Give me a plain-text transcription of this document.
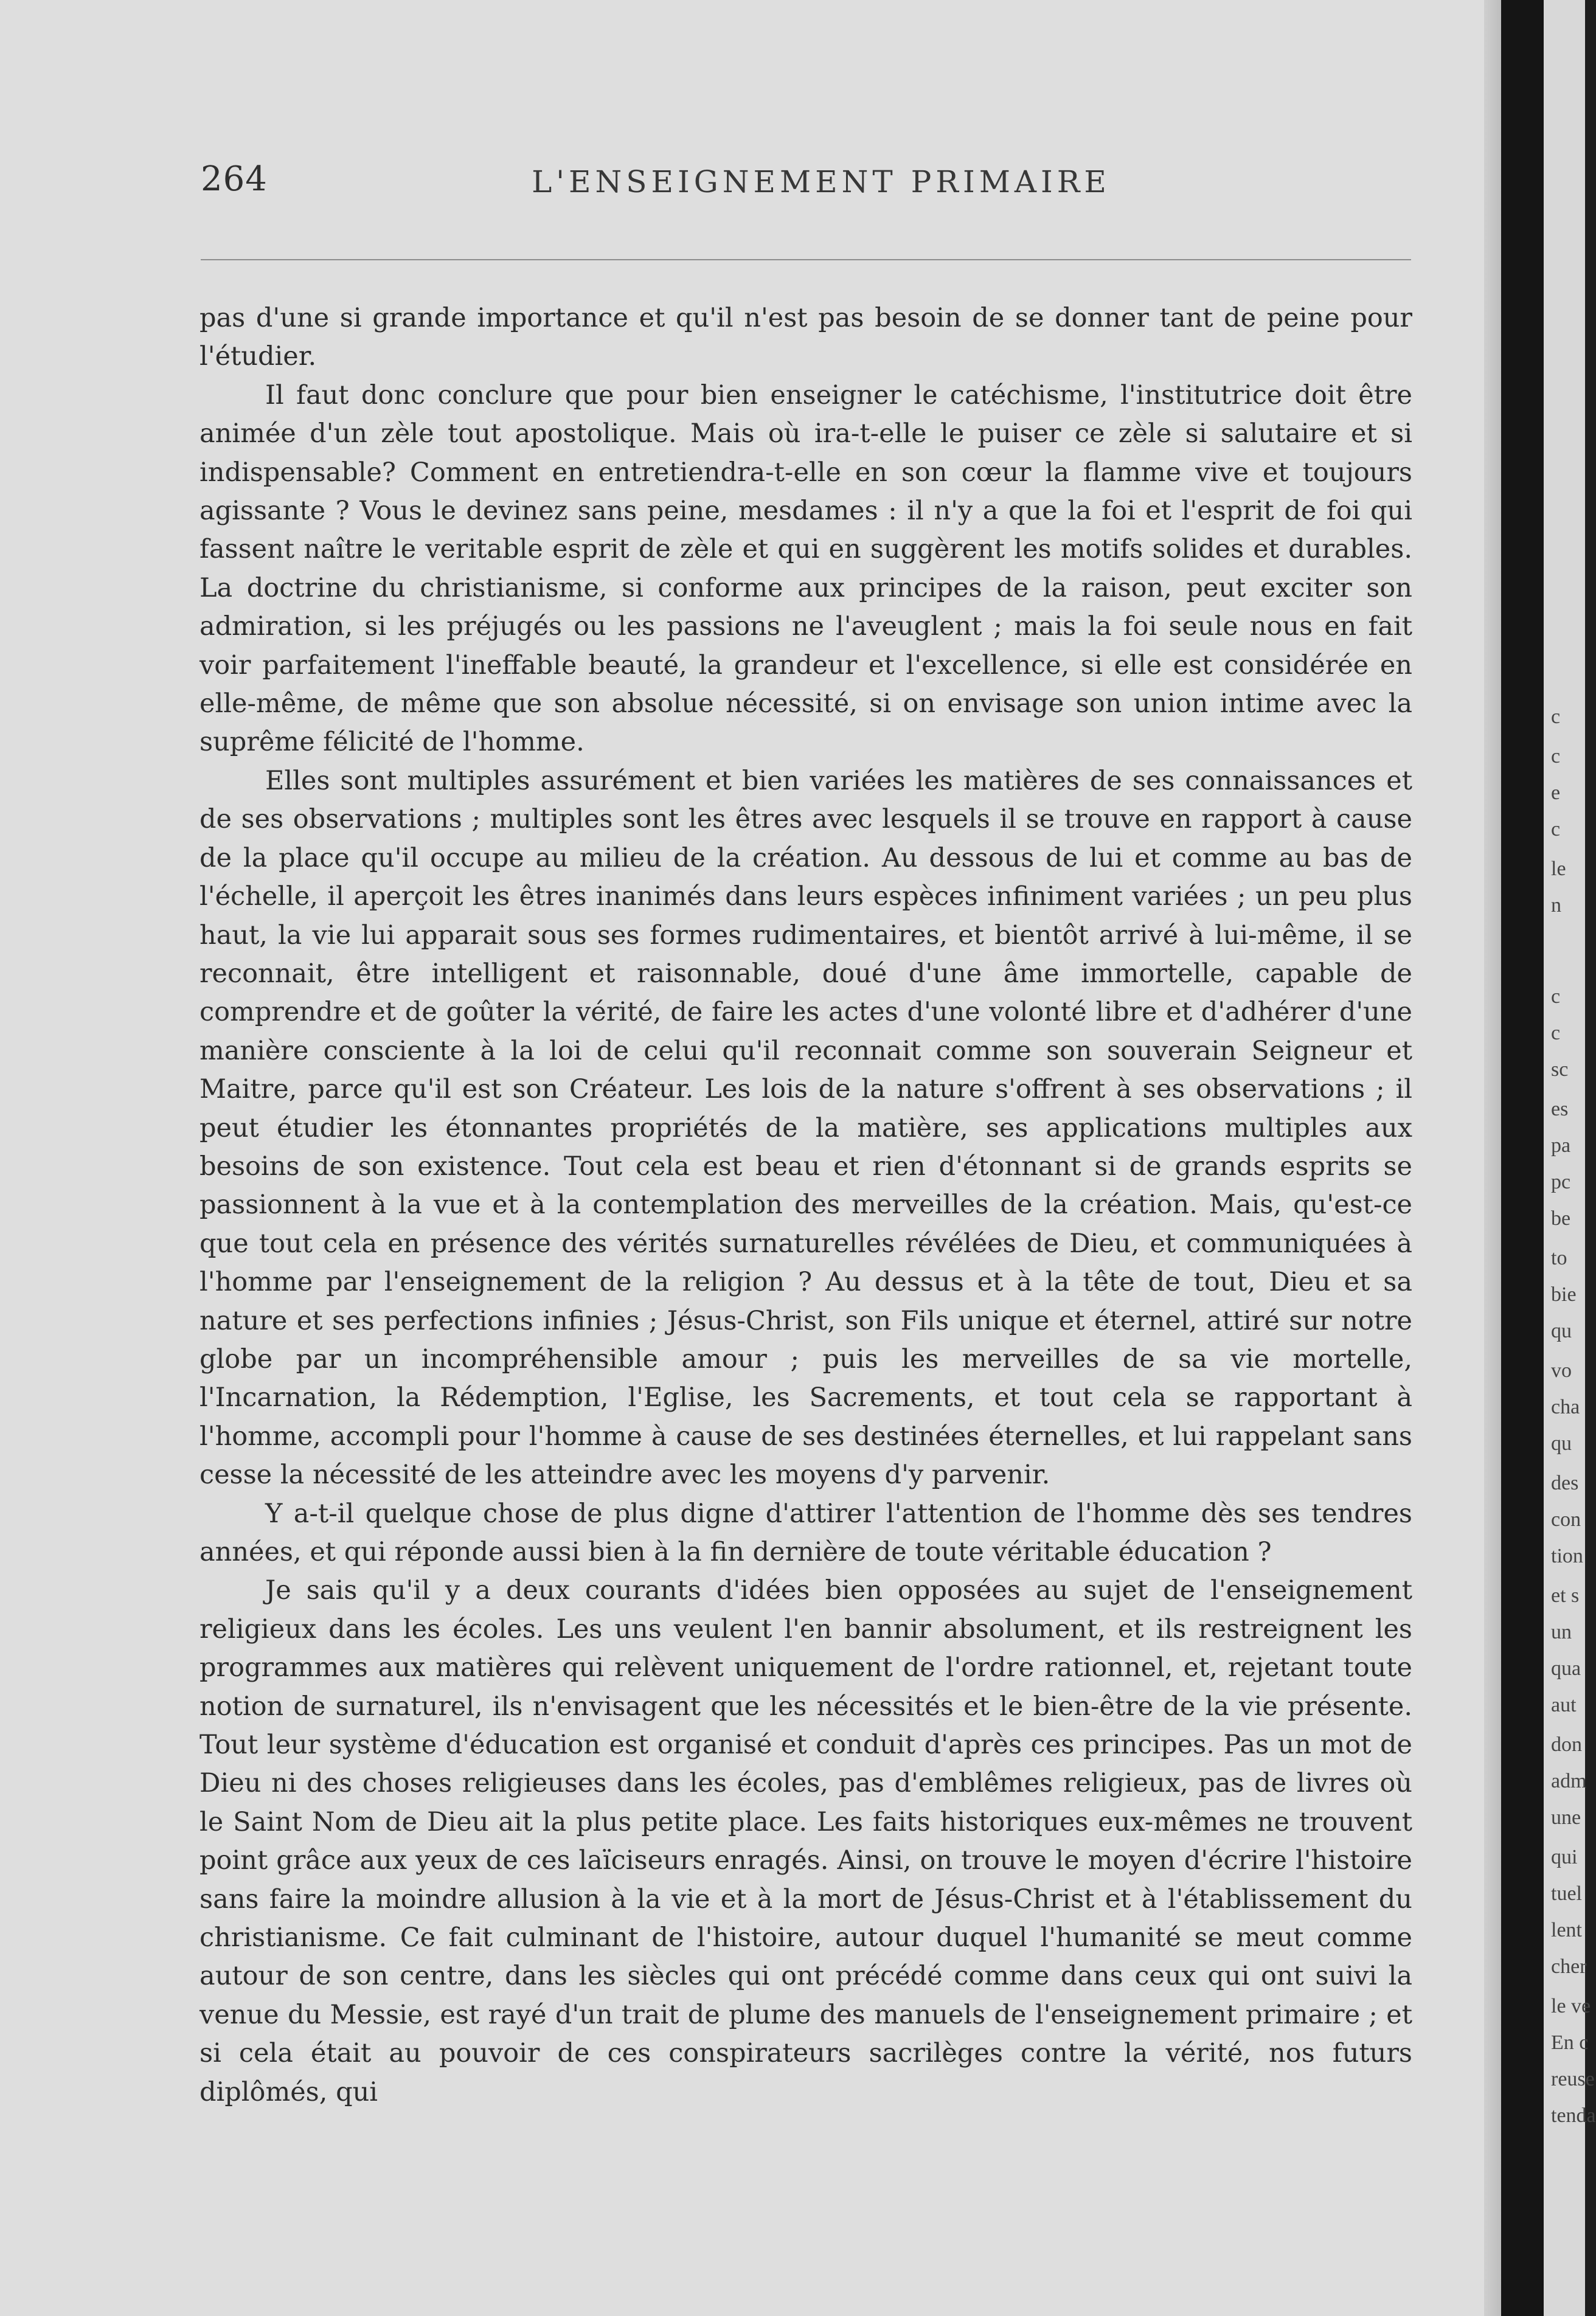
264	L'ENSEIGNEMENT PRIMAIRE

pas d'une si grande importance et qu'il n'est pas besoin de se donner tant de peine pour l'étudier.

Il faut donc conclure que pour bien enseigner le catéchisme, l'institutrice doit être animée d'un zèle tout apostolique. Mais où ira-t-elle le puiser ce zèle si salutaire et si indispensable? Comment en entretiendra-t-elle en son cœur la flamme vive et toujours agissante ? Vous le devinez sans peine, mesdames : il n'y a que la foi et l'esprit de foi qui fassent naître le veritable esprit de zèle et qui en suggèrent les motifs solides et durables. La doctrine du christianisme, si conforme aux principes de la raison, peut exciter son admiration, si les préjugés ou les passions ne l'aveuglent ; mais la foi seule nous en fait voir parfaitement l'ineffable beauté, la grandeur et l'excellence, si elle est considérée en elle-même, de même que son absolue nécessité, si on envisage son union intime avec la suprême félicité de l'homme.

Elles sont multiples assurément et bien variées les matières de ses connaissances et de ses observations ; multiples sont les êtres avec lesquels il se trouve en rapport à cause de la place qu'il occupe au milieu de la création. Au dessous de lui et comme au bas de l'échelle, il aperçoit les êtres inanimés dans leurs espèces infiniment variées ; un peu plus haut, la vie lui apparait sous ses formes rudimentaires, et bientôt arrivé à lui-même, il se reconnait, être intelligent et raisonnable, doué d'une âme immortelle, capable de comprendre et de goûter la vérité, de faire les actes d'une volonté libre et d'adhérer d'une manière consciente à la loi de celui qu'il reconnait comme son souverain Seigneur et Maitre, parce qu'il est son Créateur. Les lois de la nature s'offrent à ses observations ; il peut étudier les étonnantes propriétés de la matière, ses applications multiples aux besoins de son existence. Tout cela est beau et rien d'étonnant si de grands esprits se passionnent à la vue et à la contemplation des merveilles de la création. Mais, qu'est-ce que tout cela en présence des vérités surnaturelles révélées de Dieu, et communiquées à l'homme par l'enseignement de la religion ? Au dessus et à la tête de tout, Dieu et sa nature et ses perfections infinies ; Jésus-Christ, son Fils unique et éternel, attiré sur notre globe par un incompréhensible amour ; puis les merveilles de sa vie mortelle, l'Incarnation, la Rédemption, l'Eglise, les Sacrements, et tout cela se rapportant à l'homme, accompli pour l'homme à cause de ses destinées éternelles, et lui rappelant sans cesse la nécessité de les atteindre avec les moyens d'y parvenir.

Y a-t-il quelque chose de plus digne d'attirer l'attention de l'homme dès ses tendres années, et qui réponde aussi bien à la fin dernière de toute véritable éducation ?

Je sais qu'il y a deux courants d'idées bien opposées au sujet de l'enseignement religieux dans les écoles. Les uns veulent l'en bannir absolument, et ils restreignent les programmes aux matières qui relèvent uniquement de l'ordre rationnel, et, rejetant toute notion de surnaturel, ils n'envisagent que les nécessités et le bien-être de la vie présente. Tout leur système d'éducation est organisé et conduit d'après ces principes. Pas un mot de Dieu ni des choses religieuses dans les écoles, pas d'emblêmes religieux, pas de livres où le Saint Nom de Dieu ait la plus petite place. Les faits historiques eux-mêmes ne trouvent point grâce aux yeux de ces laïciseurs enragés. Ainsi, on trouve le moyen d'écrire l'histoire sans faire la moindre allusion à la vie et à la mort de Jésus-Christ et à l'établissement du christianisme. Ce fait culminant de l'histoire, autour duquel l'humanité se meut comme autour de son centre, dans les siècles qui ont précédé comme dans ceux qui ont suivi la venue du Messie, est rayé d'un trait de plume des manuels de l'enseignement primaire ; et si cela était au pouvoir de ces conspirateurs sacrilèges contre la vérité, nos futurs diplômés, qui

c
c
e
c
le
n
c
c
sc
es
pa
pc
be
to
bie
qu
vo
cha
qu
des
con
tion
et s
un
qua
aut
don
adm
une
qui
tuel
lent
cher
le ve
En c
reuse
tenda
